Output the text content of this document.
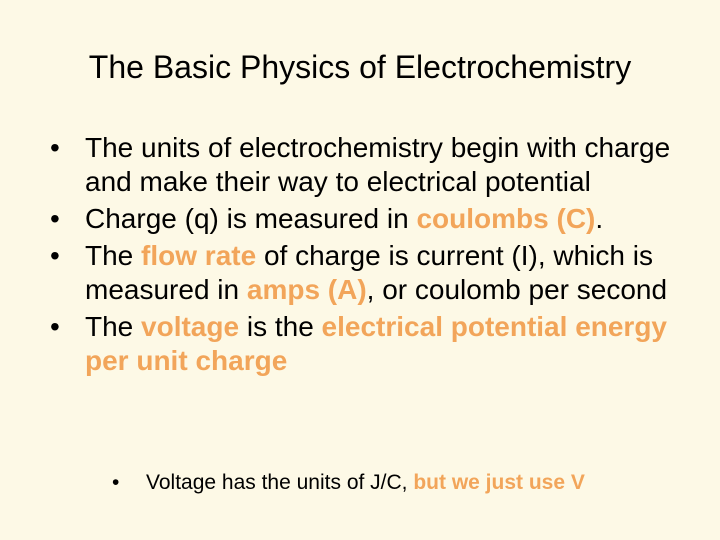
The Basic Physics of Electrochemistry
• The units of electrochemistry begin with charge and make their way to electrical potential
• Charge (q) is measured in coulombs (C).
• The flow rate of charge is current (I), which is measured in amps (A), or coulomb per second
• The voltage is the electrical potential energy per unit charge
• Voltage has the units of J/C, but we just use V
